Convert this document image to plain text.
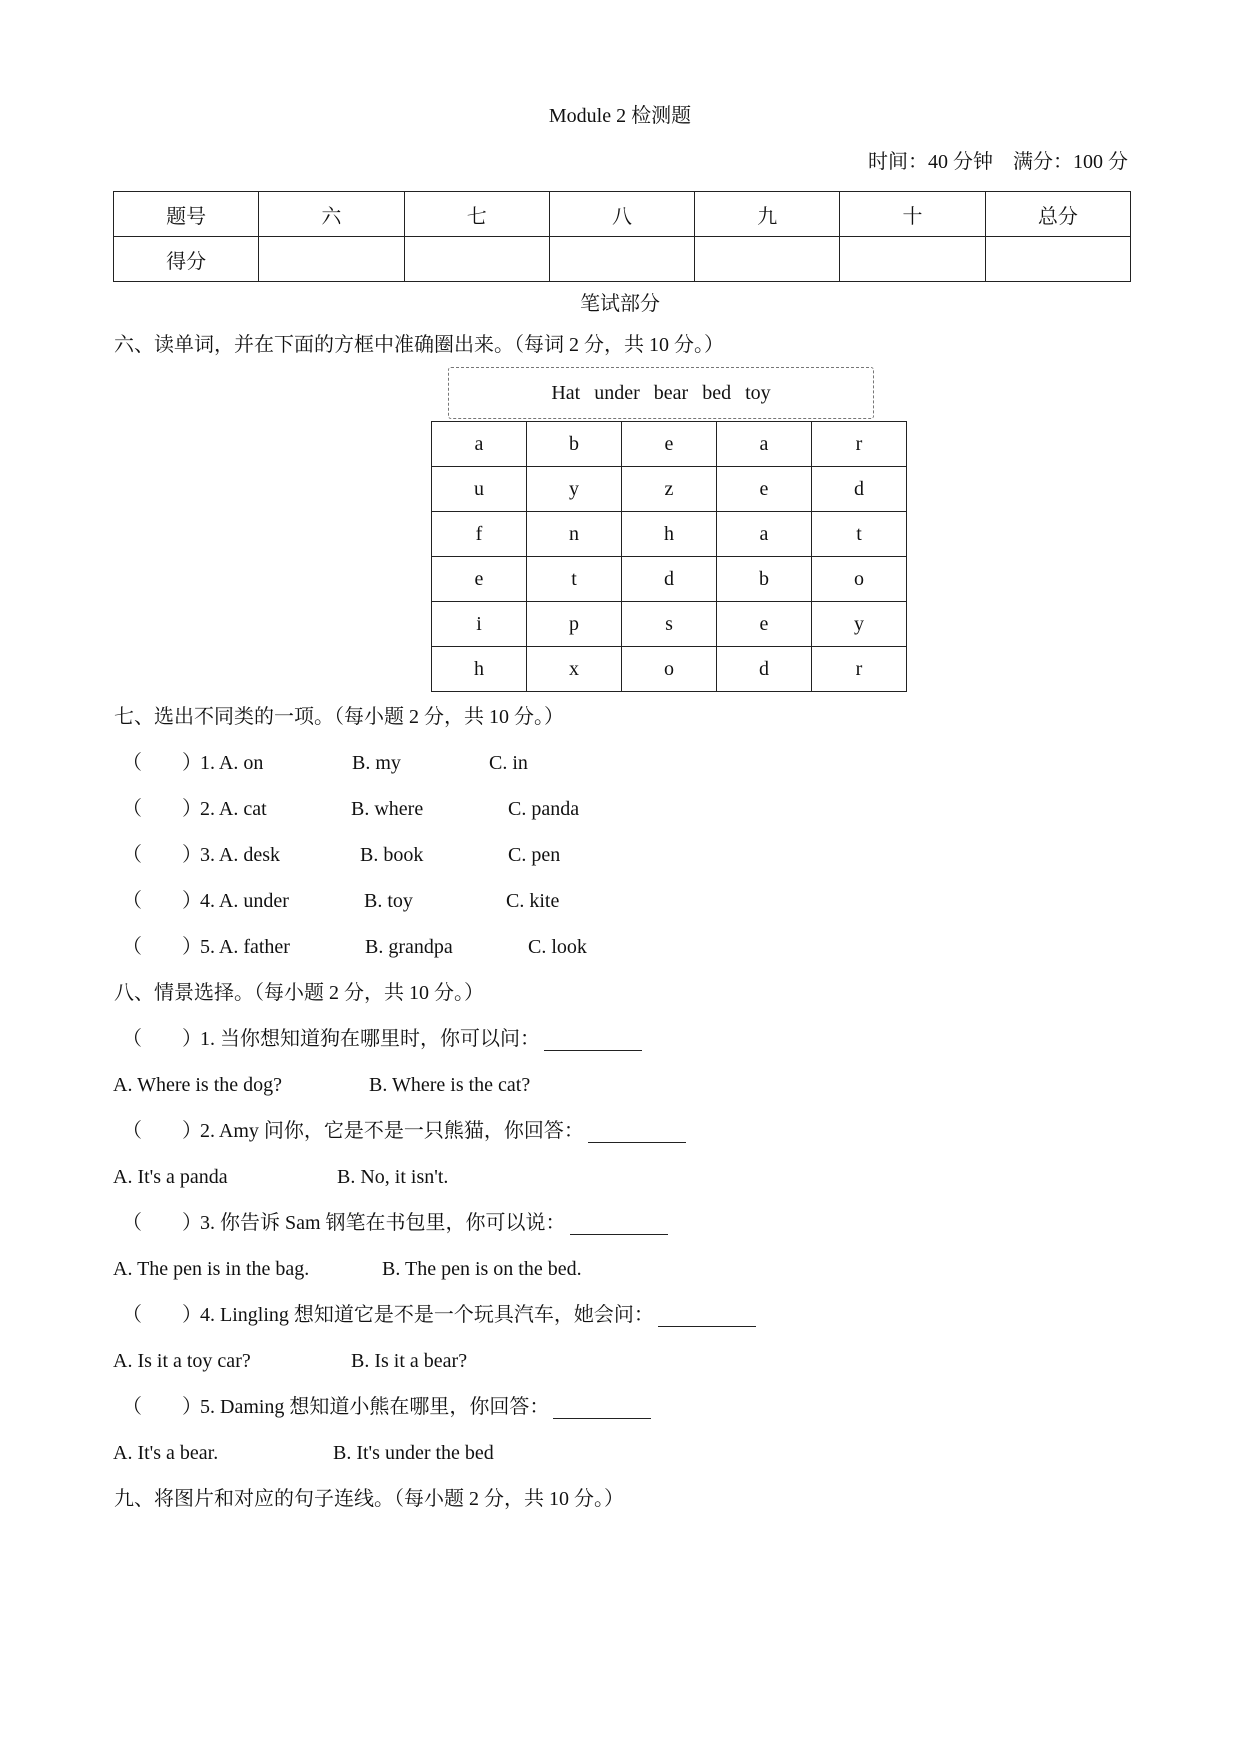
Module 2 检测题
时间：40 分钟　满分：100 分
题号	六	七	八	九	十	总分
得分						
笔试部分
六、读单词，并在下面的方框中准确圈出来。（每词 2 分，共 10 分。）
Hat under bear bed toy
a	b	e	a	r
u	y	z	e	d
f	n	h	a	t
e	t	d	b	o
i	p	s	e	y
h	x	o	d	r
七、选出不同类的一项。（每小题 2 分，共 10 分。）
（　　）
1. A. on	B. my	C. in
（　　）
2. A. cat	B. where	C. panda
（　　）
3. A. desk	B. book	C. pen
（　　）
4. A. under	B. toy	C. kite
（　　）
5. A. father	B. grandpa	C. look
八、情景选择。（每小题 2 分，共 10 分。）
（　　）
1. 当你想知道狗在哪里时，你可以问：
A. Where is the dog?	B. Where is the cat?
（　　）
2. Amy 问你，它是不是一只熊猫，你回答：
A. It's a panda	B. No, it isn't.
（　　）
3. 你告诉 Sam 钢笔在书包里，你可以说：
A. The pen is in the bag.	B. The pen is on the bed.
（　　）
4. Lingling 想知道它是不是一个玩具汽车，她会问：
A. Is it a toy car?	B. Is it a bear?
（　　）
5. Daming 想知道小熊在哪里，你回答：
A. It's a bear.	B. It's under the bed
九、将图片和对应的句子连线。（每小题 2 分，共 10 分。）
